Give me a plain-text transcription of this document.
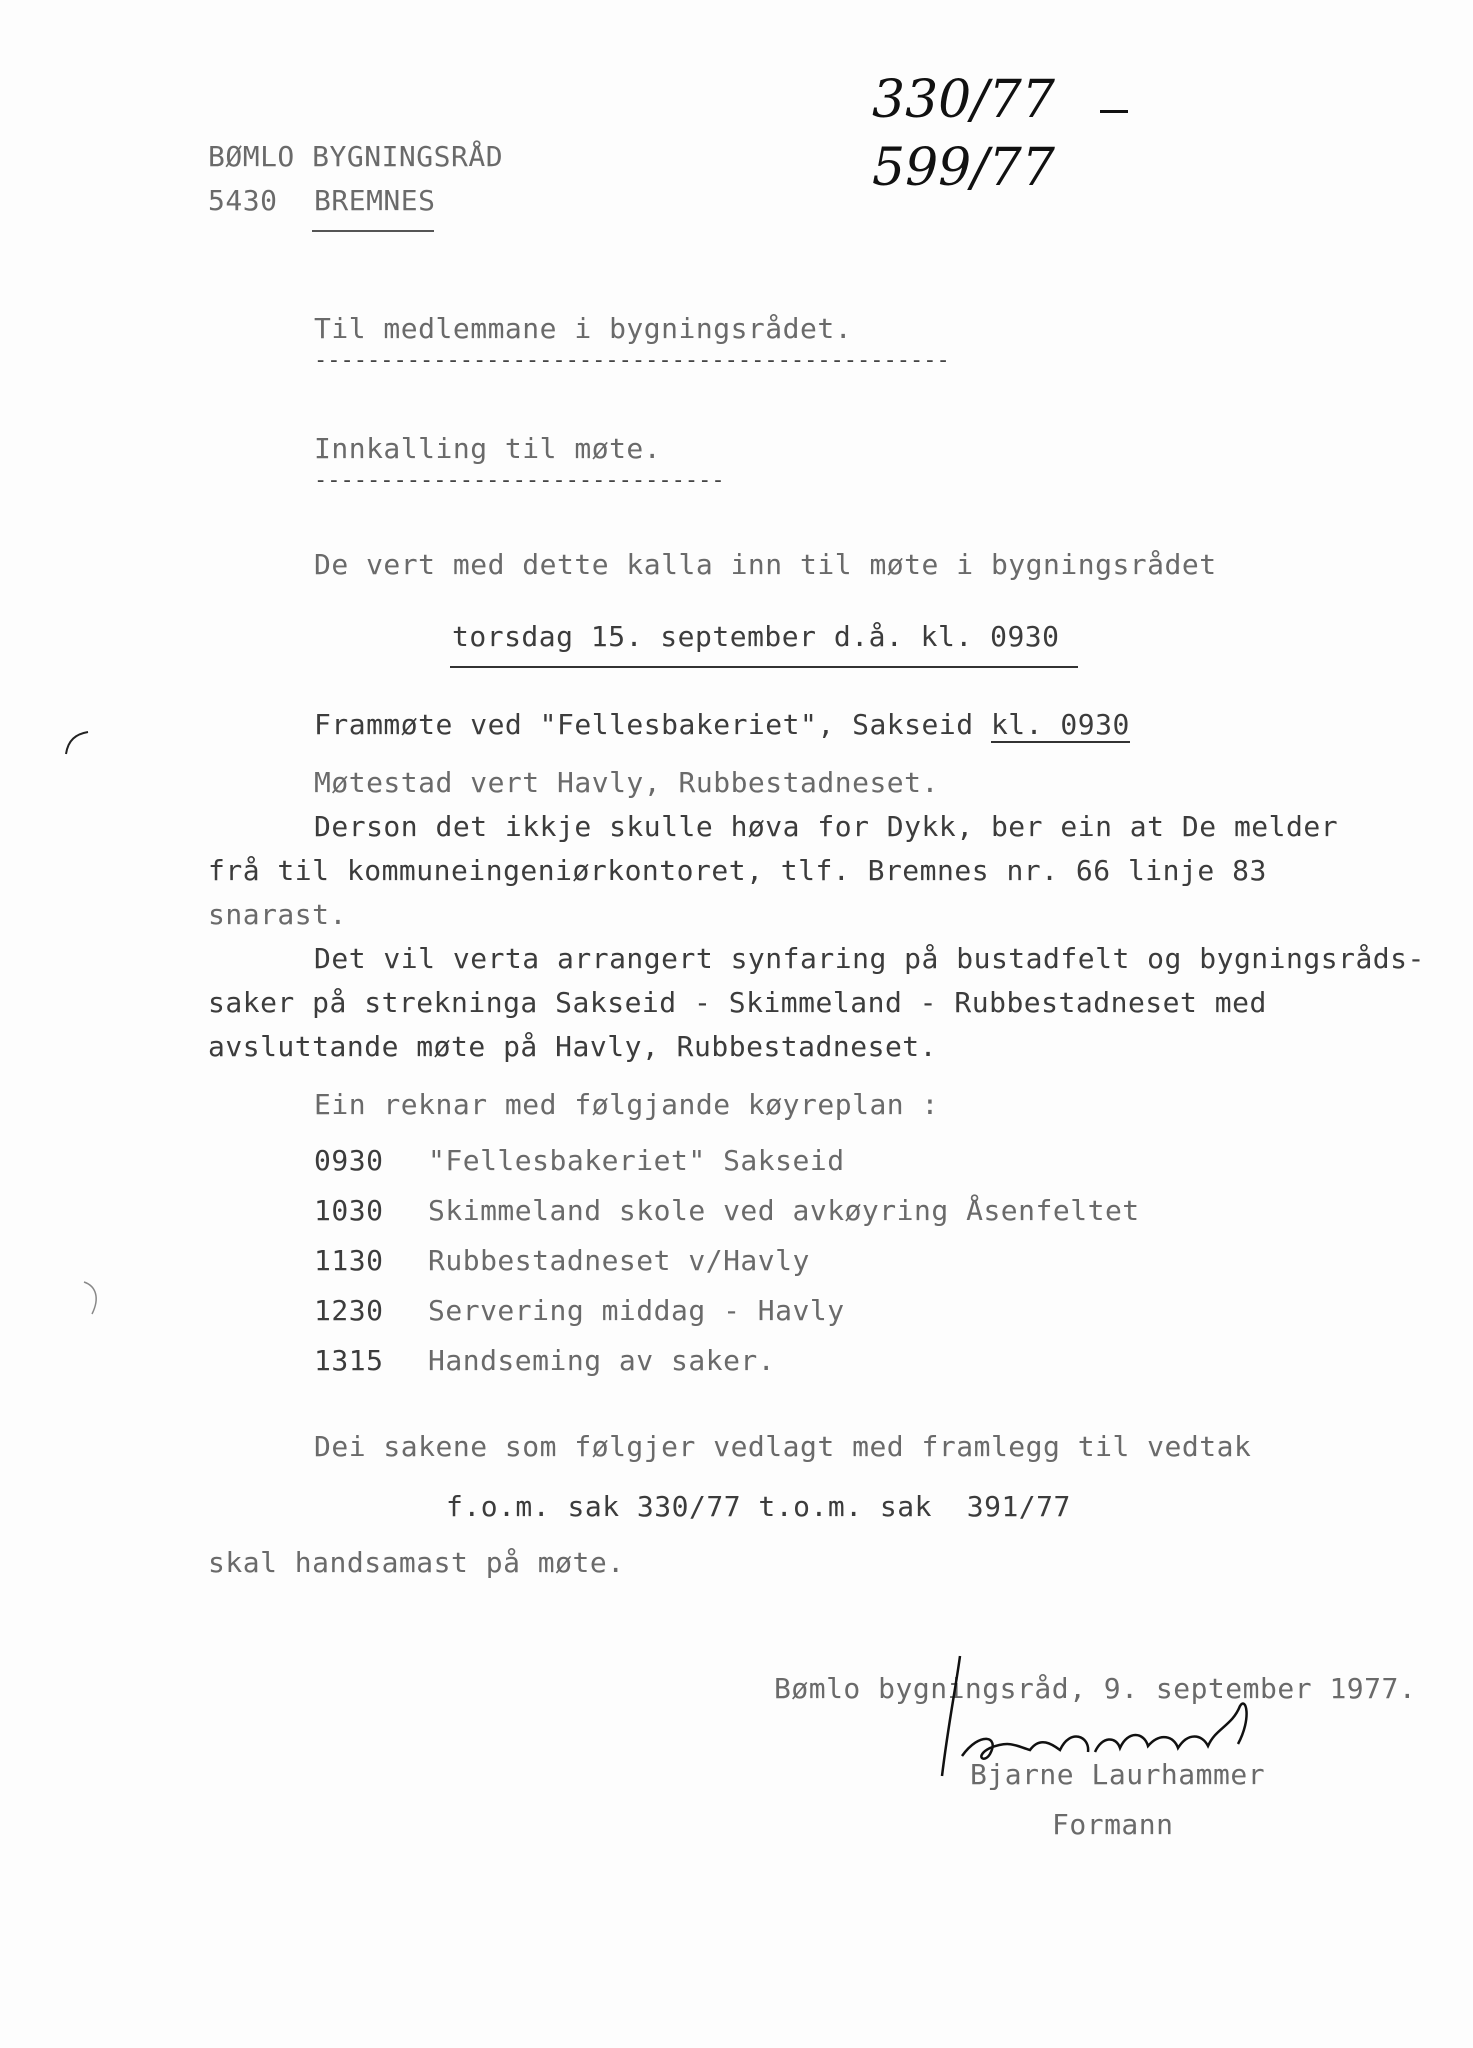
BØMLO BYGNINGSRÅD
5430 BREMNES
330/77
599/77
Til medlemmane i bygningsrådet.
------------------------------------------------
Innkalling til møte.
-------------------------------
De vert med dette kalla inn til møte i bygningsrådet
torsdag 15. september d.å. kl. 0930
Frammøte ved "Fellesbakeriet", Sakseid kl. 0930
Møtestad vert Havly, Rubbestadneset.
Derson det ikkje skulle høva for Dykk, ber ein at De melder
frå til kommuneingeniørkontoret, tlf. Bremnes nr. 66 linje 83
snarast.
Det vil verta arrangert synfaring på bustadfelt og bygningsråds-
saker på strekninga Sakseid - Skimmeland - Rubbestadneset med
avsluttande møte på Havly, Rubbestadneset.
Ein reknar med følgjande køyreplan :
0930 "Fellesbakeriet" Sakseid
1030 Skimmeland skole ved avkøyring Åsenfeltet
1130 Rubbestadneset v/Havly
1230 Servering middag - Havly
1315 Handseming av saker.
Dei sakene som følgjer vedlagt med framlegg til vedtak
f.o.m. sak 330/77 t.o.m. sak  391/77
skal handsamast på møte.
Bømlo bygningsråd, 9. september 1977.
Bjarne Laurhammer
Formann
